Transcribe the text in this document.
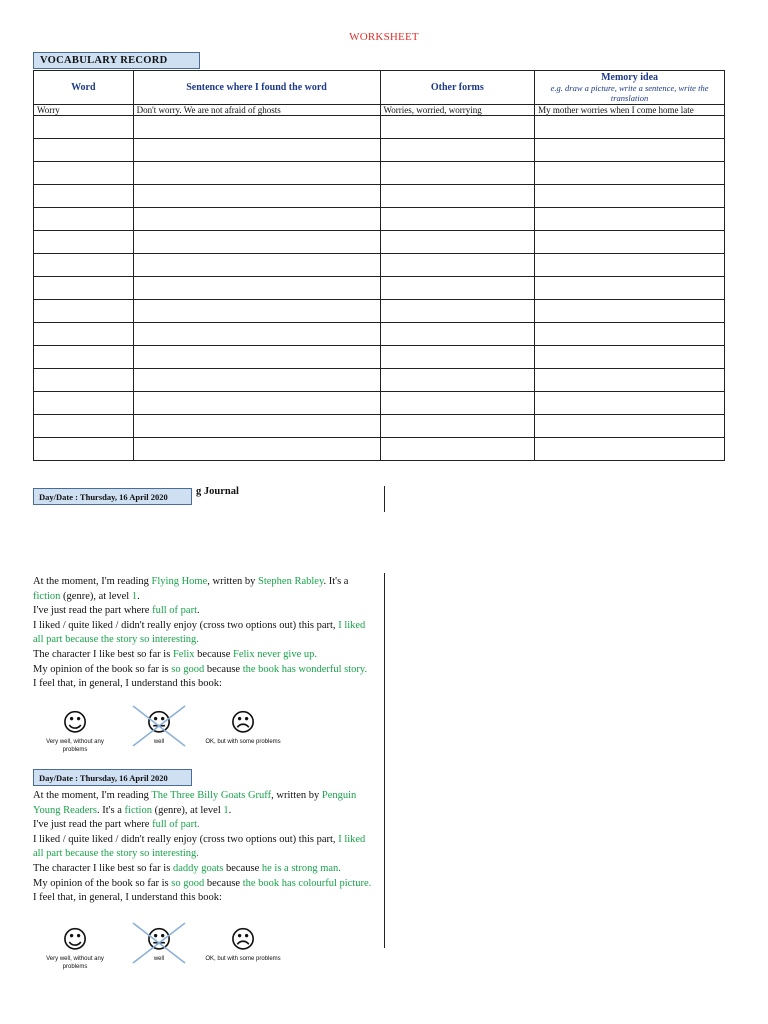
WORKSHEET
VOCABULARY RECORD
Word	Sentence where I found the word	Other forms	Memory idea
e.g. draw a picture, write a sentence, write the translation

Worry	Don't worry. We are not afraid of ghosts	Worries, worried, worrying	My mother worries when I come home late

Day/Date : Thursday, 16 April 2020	g Journal

At the moment, I'm reading Flying Home, written by Stephen Rabley. It's a fiction (genre), at level 1.

I've just read the part where full of part.

I liked / quite liked / didn't really enjoy (cross two options out) this part, I liked all part because the story so interesting.

The character I like best so far is Felix because Felix never give up.

My opinion of the book so far is so good because the book has wonderful story.

I feel that, in general, I understand this book:

☺
Very well, without any problems
😐
well
☹
OK, but with some problems
Day/Date : Thursday, 16 April 2020

At the moment, I'm reading The Three Billy Goats Gruff, written by Penguin Young Readers. It's a fiction (genre), at level 1.

I've just read the part where full of part.

I liked / quite liked / didn't really enjoy (cross two options out) this part, I liked all part because the story so interesting.

The character I like best so far is daddy goats because he is a strong man.

My opinion of the book so far is so good because the book has colourful picture.

I feel that, in general, I understand this book:

☺
Very well, without any problems
😐
well
☹
OK, but with some problems
